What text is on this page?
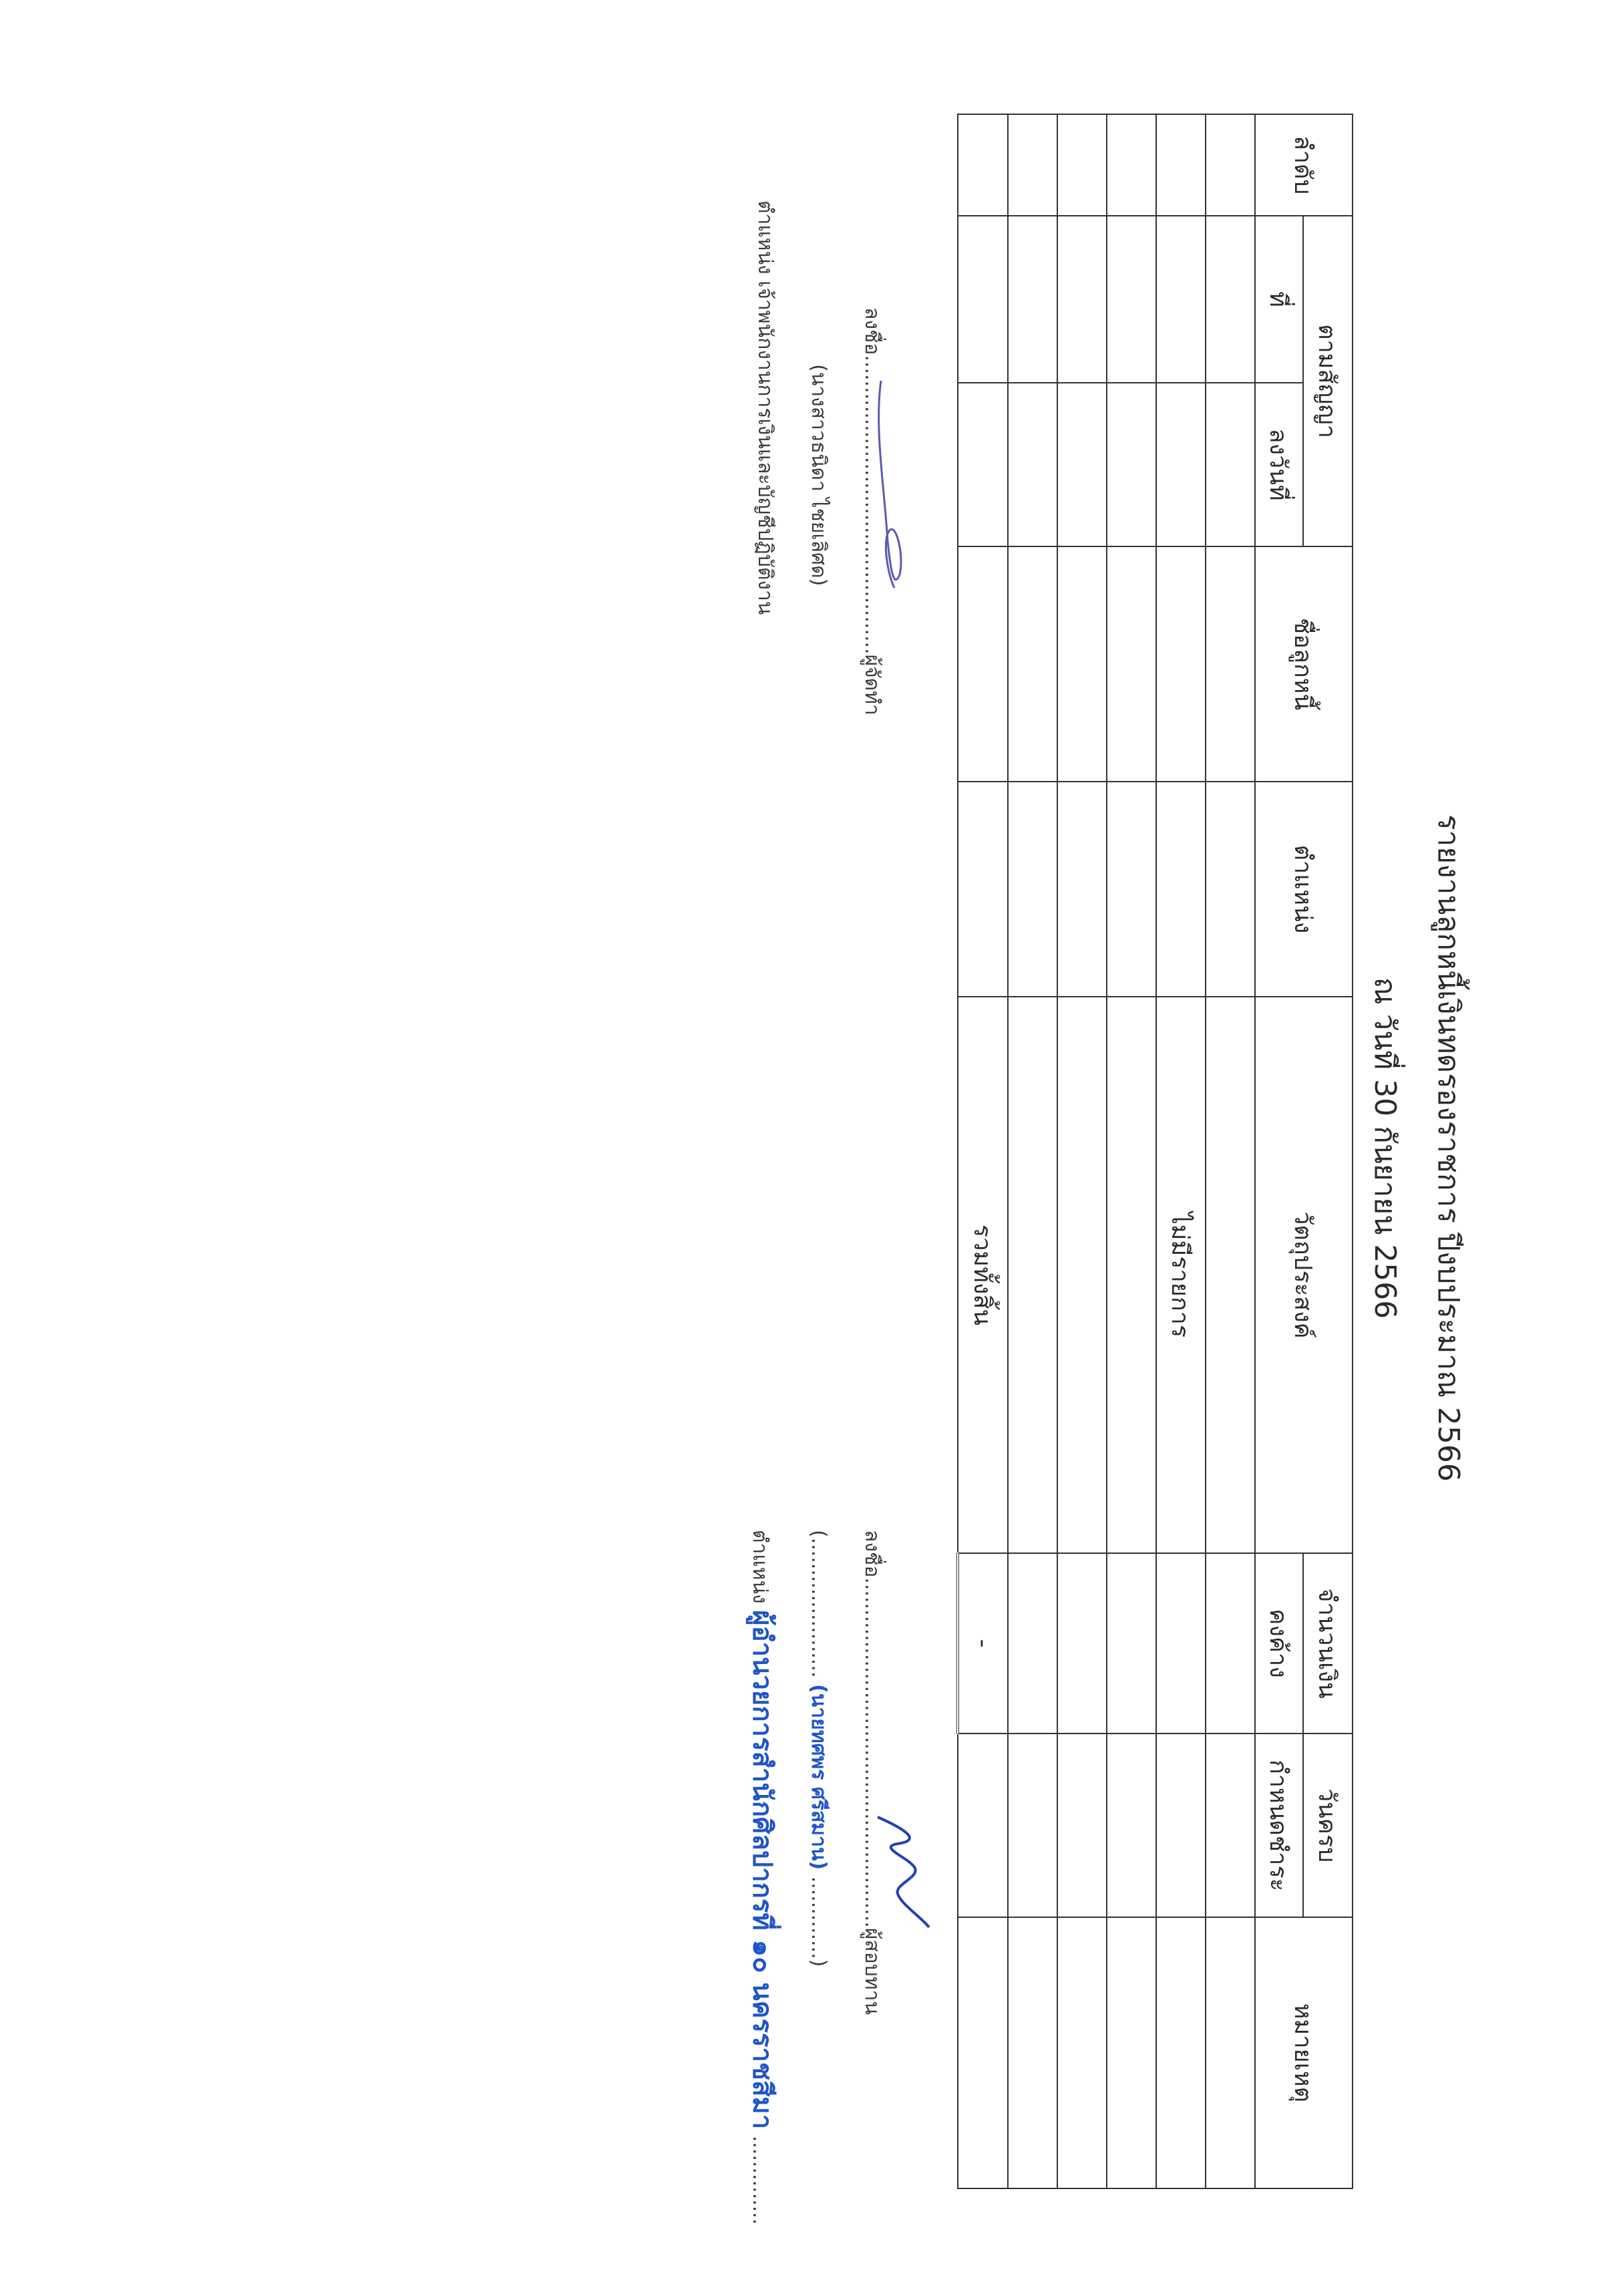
รายงานลูกหนี้เงินทดรองราชการ ปีงบประมาณ 2566
ณ วันที่ 30 กันยายน 2566
ลำดับ	ตามสัญญา		ชื่อลูกหนี้	ตำแหน่ง	วัตถุประสงค์	จำนวนเงิน	วันครบ	หมายเหตุ
	ที่	ลงวันที่				คงค้าง	กำหนดชำระ	

					ไม่มีรายการ			

					รวมทั้งสิ้น	-		
ลงชื่อ...............................................ผู้จัดทำ
(นางสาวธนิดา ไชยเลิศด)
ตำแหน่ง เจ้าพนักงานการเงินและบัญชีปฏิบัติงาน
ลงชื่อ.......................................................ผู้สอบทาน
(...................... (นายทศพร ศรีสมาน) .............)
ตำแหน่ง ผู้อำนวยการสำนักศิลปากรที่ ๑๐ นครราชสีมา ..............
